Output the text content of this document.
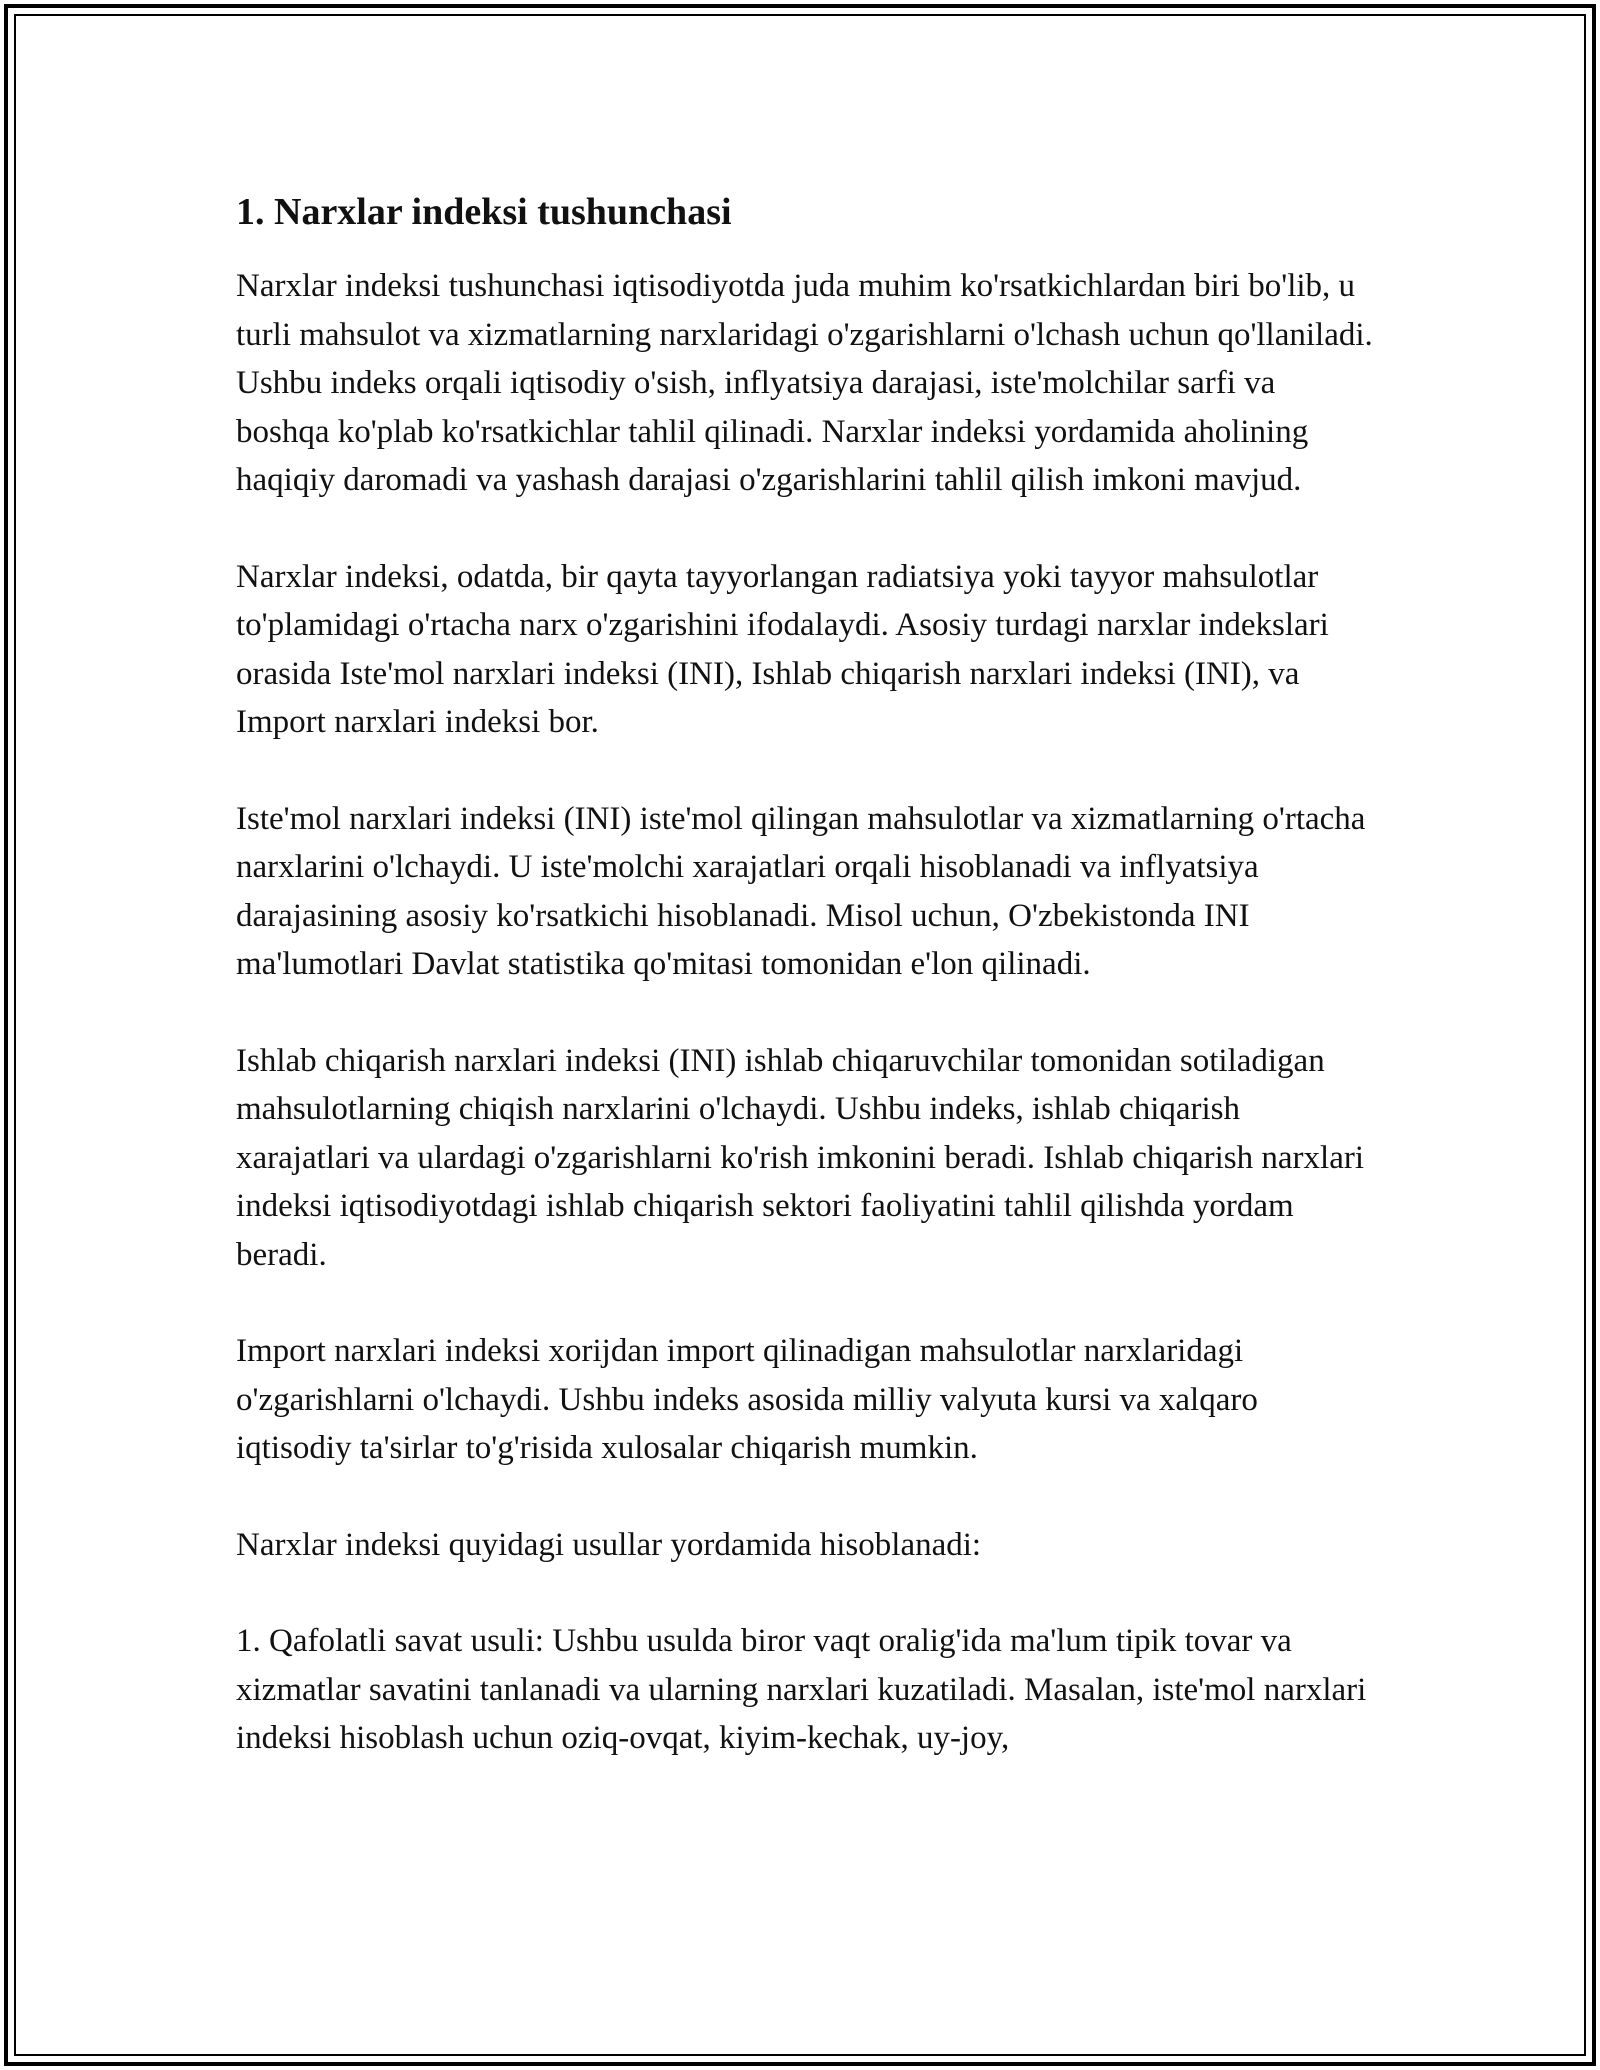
1. Narxlar indeksi tushunchasi

Narxlar indeksi tushunchasi iqtisodiyotda juda muhim ko'rsatkichlardan biri bo'lib, u turli mahsulot va xizmatlarning narxlaridagi o'zgarishlarni o'lchash uchun qo'llaniladi. Ushbu indeks orqali iqtisodiy o'sish, inflyatsiya darajasi, iste'molchilar sarfi va boshqa ko'plab ko'rsatkichlar tahlil qilinadi. Narxlar indeksi yordamida aholining haqiqiy daromadi va yashash darajasi o'zgarishlarini tahlil qilish imkoni mavjud.

Narxlar indeksi, odatda, bir qayta tayyorlangan radiatsiya yoki tayyor mahsulotlar to'plamidagi o'rtacha narx o'zgarishini ifodalaydi. Asosiy turdagi narxlar indekslari orasida Iste'mol narxlari indeksi (INI), Ishlab chiqarish narxlari indeksi (INI), va Import narxlari indeksi bor.

Iste'mol narxlari indeksi (INI) iste'mol qilingan mahsulotlar va xizmatlarning o'rtacha narxlarini o'lchaydi. U iste'molchi xarajatlari orqali hisoblanadi va inflyatsiya darajasining asosiy ko'rsatkichi hisoblanadi. Misol uchun, O'zbekistonda INI ma'lumotlari Davlat statistika qo'mitasi tomonidan e'lon qilinadi.

Ishlab chiqarish narxlari indeksi (INI) ishlab chiqaruvchilar tomonidan sotiladigan mahsulotlarning chiqish narxlarini o'lchaydi. Ushbu indeks, ishlab chiqarish xarajatlari va ulardagi o'zgarishlarni ko'rish imkonini beradi. Ishlab chiqarish narxlari indeksi iqtisodiyotdagi ishlab chiqarish sektori faoliyatini tahlil qilishda yordam beradi.

Import narxlari indeksi xorijdan import qilinadigan mahsulotlar narxlaridagi o'zgarishlarni o'lchaydi. Ushbu indeks asosida milliy valyuta kursi va xalqaro iqtisodiy ta'sirlar to'g'risida xulosalar chiqarish mumkin.

Narxlar indeksi quyidagi usullar yordamida hisoblanadi:

1. Qafolatli savat usuli: Ushbu usulda biror vaqt oralig'ida ma'lum tipik tovar va xizmatlar savatini tanlanadi va ularning narxlari kuzatiladi. Masalan, iste'mol narxlari indeksi hisoblash uchun oziq-ovqat, kiyim-kechak, uy-joy,
